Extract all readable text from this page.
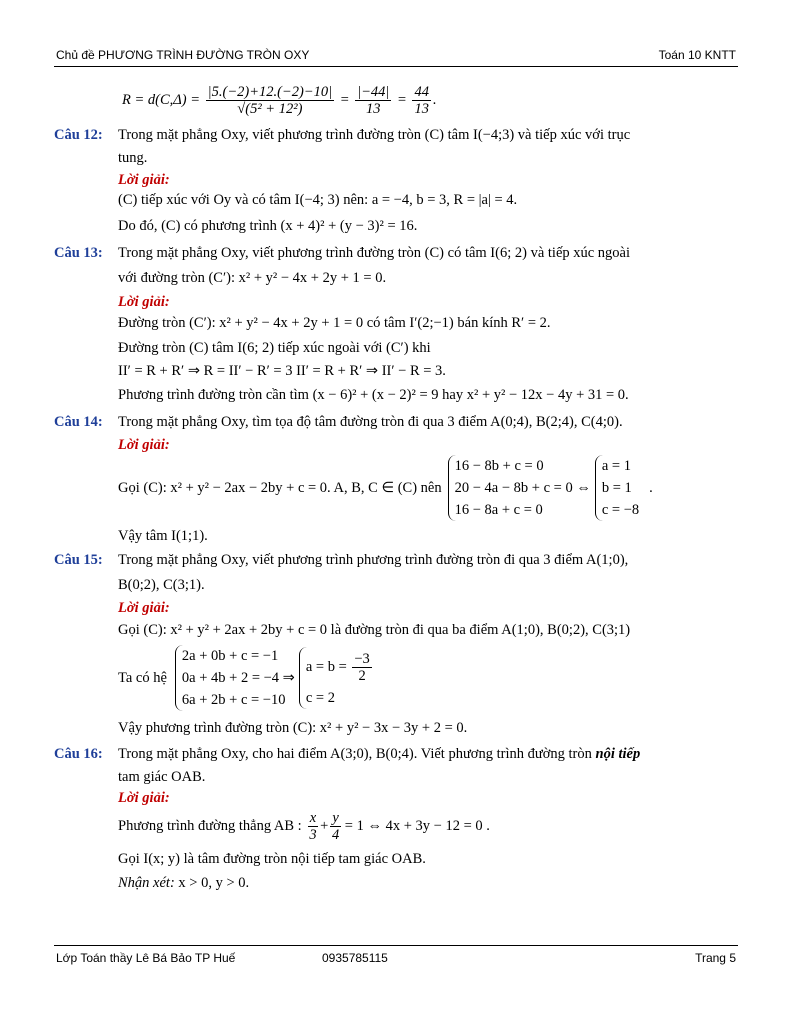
Chủ đề PHƯƠNG TRÌNH ĐƯỜNG TRÒN OXY	Toán 10 KNTT
$R = d(C,\Delta) = \frac{|5.(-2)+12.(-2)-10|}{\text{√(5² + 12²)}} = \frac{|-44|}{13} = \frac{44}{13}$ .
Câu 12: Trong mặt phẳng Oxy, viết phương trình đường tròn (C) tâm I(−4;3) và tiếp xúc với trục
tung.
Lời giải:
(C) tiếp xúc với Oy và có tâm I(−4; 3) nên: a = −4, b = 3, R = |a| = 4.
Do đó, (C) có phương trình (x + 4)² + (y − 3)² = 16.
Câu 13: Trong mặt phẳng Oxy, viết phương trình đường tròn (C) có tâm I(6; 2) và tiếp xúc ngoài
với đường tròn (C′): x² + y² − 4x + 2y + 1 = 0.
Lời giải:
Đường tròn (C′): x² + y² − 4x + 2y + 1 = 0 có tâm I′(2;−1) bán kính R′ = 2.
Đường tròn (C) tâm I(6; 2) tiếp xúc ngoài với (C′) khi
II′ = R + R′ ⇒ R = II′ − R′ = 3 II′ = R + R′ ⇒ II′ − R = 3.
Phương trình đường tròn cần tìm (x − 6)² + (x − 2)² = 9 hay x² + y² − 12x − 4y + 31 = 0.
Câu 14: Trong mặt phẳng Oxy, tìm tọa độ tâm đường tròn đi qua 3 điểm A(0;4), B(2;4), C(4;0).
Lời giải:
Gọi (C): x² + y² − 2ax − 2by + c = 0. A, B, C ∈ (C) nên
16 − 8b + c = 0
20 − 4a − 8b + c = 0 ⇔
16 − 8a + c = 0
a = 1
b = 1
c = −8
.
Vậy tâm I(1;1).
Câu 15: Trong mặt phẳng Oxy, viết phương trình phương trình đường tròn đi qua 3 điểm A(1;0),
B(0;2), C(3;1).
Lời giải:
Gọi (C): x² + y² + 2ax + 2by + c = 0 là đường tròn đi qua ba điểm A(1;0), B(0;2), C(3;1)
Ta có hệ
2a + 0b + c = −1
0a + 4b + 2 = −4 ⇒
6a + 2b + c = −10
$a = b = \frac{-3}{2}$
c = 2
Vậy phương trình đường tròn (C): x² + y² − 3x − 3y + 2 = 0.
Câu 16: Trong mặt phẳng Oxy, cho hai điểm A(3;0), B(0;4). Viết phương trình đường tròn nội tiếp
tam giác OAB.
Lời giải:
Phương trình đường thẳng AB : $\frac{x}{3} + \frac{y}{4} = 1$ ⇔ 4x + 3y − 12 = 0 .
Gọi I(x; y) là tâm đường tròn nội tiếp tam giác OAB.
Nhận xét: x > 0, y > 0.
Lớp Toán thầy Lê Bá Bảo TP Huế	0935785115	Trang 5
